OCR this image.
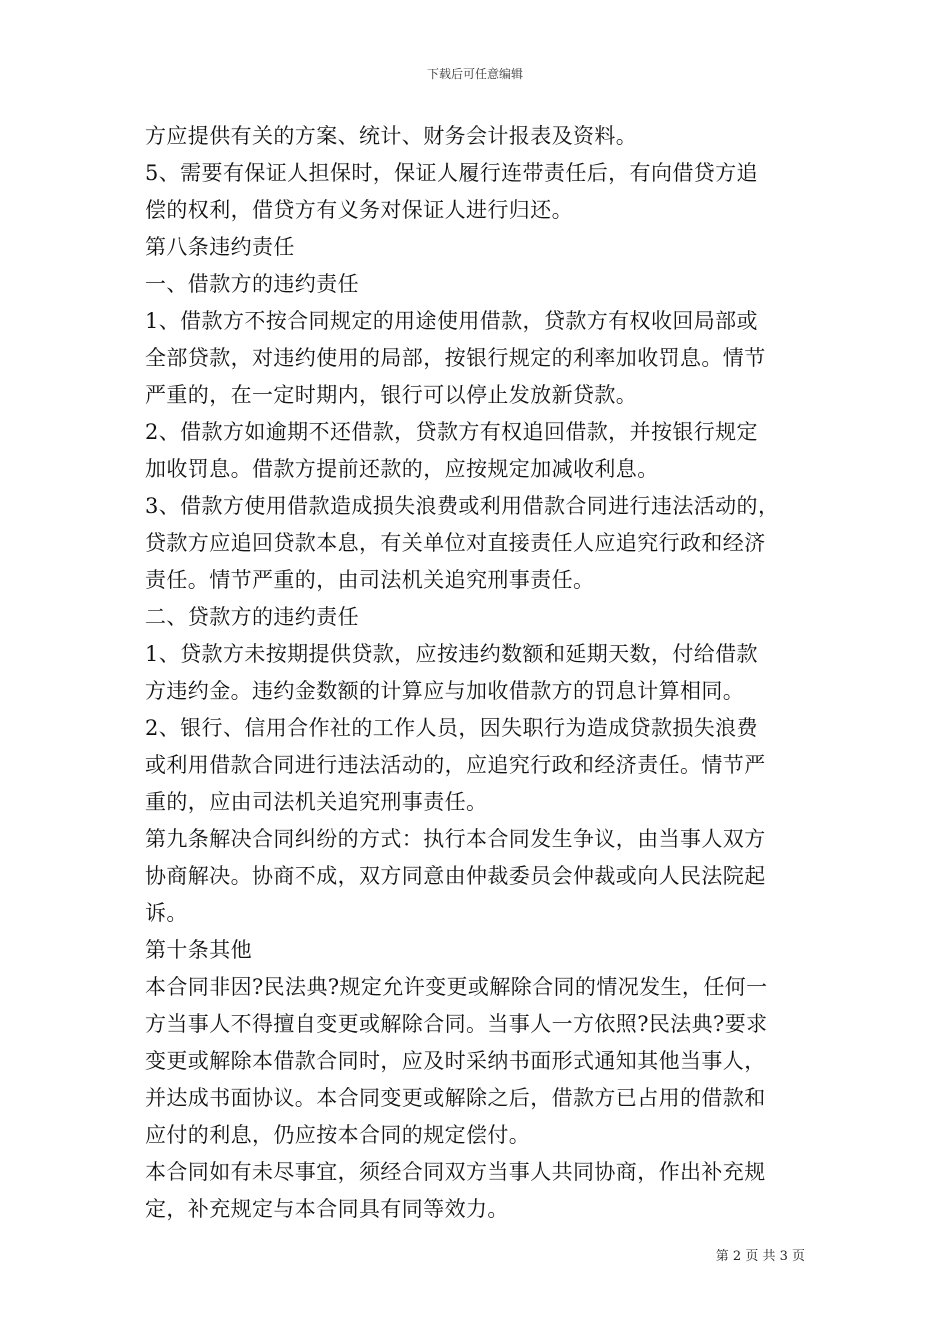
下载后可任意编辑
方应提供有关的方案、统计、财务会计报表及资料。
5、需要有保证人担保时，保证人履行连带责任后，有向借贷方追
偿的权利，借贷方有义务对保证人进行归还。
第八条违约责任
一、借款方的违约责任
1、借款方不按合同规定的用途使用借款，贷款方有权收回局部或
全部贷款，对违约使用的局部，按银行规定的利率加收罚息。情节
严重的，在一定时期内，银行可以停止发放新贷款。
2、借款方如逾期不还借款，贷款方有权追回借款，并按银行规定
加收罚息。借款方提前还款的，应按规定加减收利息。
3、借款方使用借款造成损失浪费或利用借款合同进行违法活动的，
贷款方应追回贷款本息，有关单位对直接责任人应追究行政和经济
责任。情节严重的，由司法机关追究刑事责任。
二、贷款方的违约责任
1、贷款方未按期提供贷款，应按违约数额和延期天数，付给借款
方违约金。违约金数额的计算应与加收借款方的罚息计算相同。
2、银行、信用合作社的工作人员，因失职行为造成贷款损失浪费
或利用借款合同进行违法活动的，应追究行政和经济责任。情节严
重的，应由司法机关追究刑事责任。
第九条解决合同纠纷的方式：执行本合同发生争议，由当事人双方
协商解决。协商不成，双方同意由仲裁委员会仲裁或向人民法院起
诉。
第十条其他
本合同非因?民法典?规定允许变更或解除合同的情况发生，任何一
方当事人不得擅自变更或解除合同。当事人一方依照?民法典?要求
变更或解除本借款合同时，应及时采纳书面形式通知其他当事人，
并达成书面协议。本合同变更或解除之后，借款方已占用的借款和
应付的利息，仍应按本合同的规定偿付。
本合同如有未尽事宜，须经合同双方当事人共同协商，作出补充规
定，补充规定与本合同具有同等效力。
第 2 页 共 3 页
